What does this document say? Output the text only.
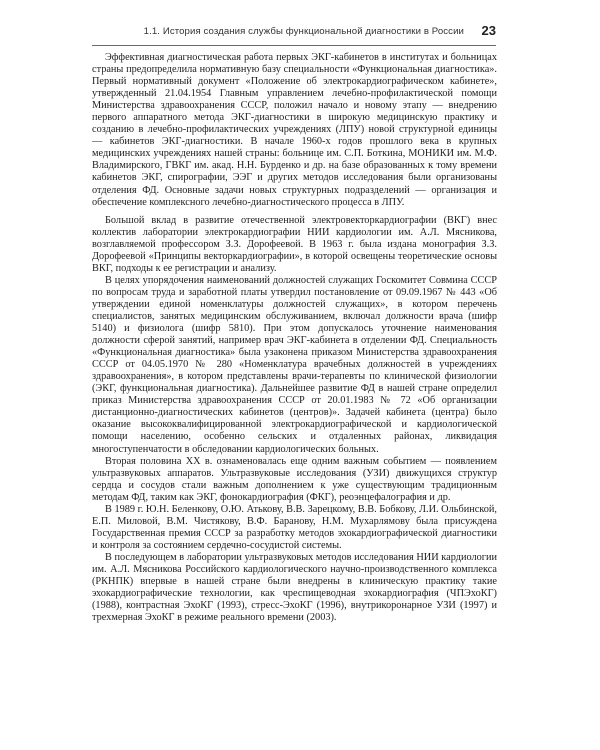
1.1. История создания службы функциональной диагностики в России 23

Эффективная диагностическая работа первых ЭКГ-кабинетов в институтах и больницах страны предопределила нормативную базу специальности «Функциональная диагностика». Первый нормативный документ «Положение об электрокардиографическом кабинете», утвержденный 21.04.1954 Главным управлением лечебно-профилактической помощи Министерства здравоохранения СССР, положил начало и новому этапу — внедрению первого аппаратного метода ЭКГ-диагностики в широкую медицинскую практику и созданию в лечебно-профилактических учреждениях (ЛПУ) новой структурной единицы — кабинетов ЭКГ-диагностики. В начале 1960-х годов прошлого века в крупных медицинских учреждениях нашей страны: больнице им. С.П. Боткина, МОНИКИ им. М.Ф. Владимирского, ГВКГ им. акад. Н.Н. Бурденко и др. на базе образованных к тому времени кабинетов ЭКГ, спирографии, ЭЭГ и других методов исследования были организованы отделения ФД. Основные задачи новых структурных подразделений — организация и обеспечение комплексного лечебно-диагностического процесса в ЛПУ.

Большой вклад в развитие отечественной электровекторкардиографии (ВКГ) внес коллектив лаборатории электрокардиографии НИИ кардиологии им. А.Л. Мясникова, возглавляемой профессором З.З. Дорофеевой. В 1963 г. была издана монография З.З. Дорофеевой «Принципы векторкардиографии», в которой освещены теоретические основы ВКГ, подходы к ее регистрации и анализу.

В целях упорядочения наименований должностей служащих Госкомитет Совмина СССР по вопросам труда и заработной платы утвердил постановление от 09.09.1967 № 443 «Об утверждении единой номенклатуры должностей служащих», в котором перечень специалистов, занятых медицинским обслуживанием, включал должности врача (шифр 5140) и физиолога (шифр 5810). При этом допускалось уточнение наименования должности сферой занятий, например врач ЭКГ-кабинета в отделении ФД. Специальность «Функциональная диагностика» была узаконена приказом Министерства здравоохранения СССР от 04.05.1970 № 280 «Номенклатура врачебных должностей в учреждениях здравоохранения», в котором представлены врачи-терапевты по клинической физиологии (ЭКГ, функциональная диагностика). Дальнейшее развитие ФД в нашей стране определил приказ Министерства здравоохранения СССР от 20.01.1983 № 72 «Об организации дистанционно-диагностических кабинетов (центров)». Задачей кабинета (центра) было оказание высококвалифицированной электрокардиографической и кардиологической помощи населению, особенно сельских и отдаленных районах, ликвидация многоступенчатости в обследовании кардиологических больных.

Вторая половина XX в. ознаменовалась еще одним важным событием — появлением ультразвуковых аппаратов. Ультразвуковые исследования (УЗИ) движущихся структур сердца и сосудов стали важным дополнением к уже существующим традиционным методам ФД, таким как ЭКГ, фонокардиография (ФКГ), реоэнцефалография и др.

В 1989 г. Ю.Н. Беленкову, О.Ю. Атькову, В.В. Зарецкому, В.В. Бобкову, Л.И. Ольбинской, Е.П. Миловой, В.М. Чистякову, В.Ф. Баранову, Н.М. Мухарлямову была присуждена Государственная премия СССР за разработку методов эхокардиографической диагностики и контроля за состоянием сердечно-сосудистой системы.

В последующем в лаборатории ультразвуковых методов исследования НИИ кардиологии им. А.Л. Мясникова Российского кардиологического научно-производственного комплекса (РКНПК) впервые в нашей стране были внедрены в клиническую практику такие эхокардиографические технологии, как чреспищеводная эхокардиография (ЧПЭхоКГ) (1988), контрастная ЭхоКГ (1993), стресс-ЭхоКГ (1996), внутрикоронарное УЗИ (1997) и трехмерная ЭхоКГ в режиме реального времени (2003).
